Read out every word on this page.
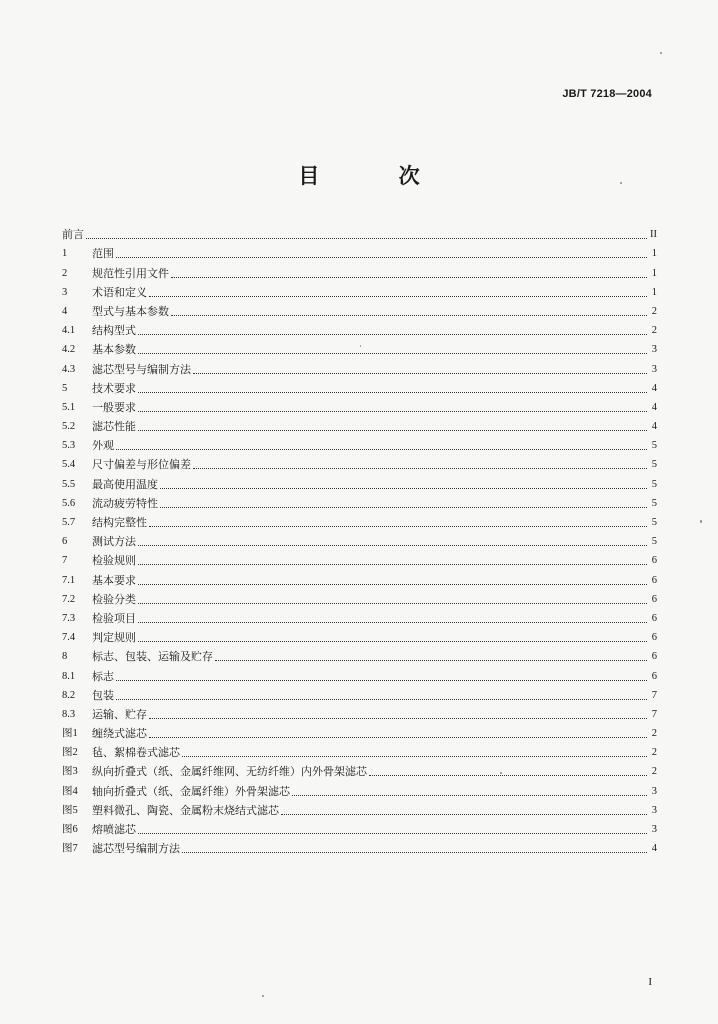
JB/T 7218—2004
目 次
前言	II
1	范围	1
2	规范性引用文件	1
3	术语和定义	1
4	型式与基本参数	2
4.1	结构型式	2
4.2	基本参数	3
4.3	滤芯型号与编制方法	3
5	技术要求	4
5.1	一般要求	4
5.2	滤芯性能	4
5.3	外观	5
5.4	尺寸偏差与形位偏差	5
5.5	最高使用温度	5
5.6	流动疲劳特性	5
5.7	结构完整性	5
6	测试方法	5
7	检验规则	6
7.1	基本要求	6
7.2	检验分类	6
7.3	检验项目	6
7.4	判定规则	6
8	标志、包装、运输及贮存	6
8.1	标志	6
8.2	包装	7
8.3	运输、贮存	7
图1	缠绕式滤芯	2
图2	毡、絮棉卷式滤芯	2
图3	纵向折叠式（纸、金属纤维网、无纺纤维）内外骨架滤芯	2
图4	轴向折叠式（纸、金属纤维）外骨架滤芯	3
图5	塑料微孔、陶瓷、金属粉末烧结式滤芯	3
图6	熔喷滤芯	3
图7	滤芯型号编制方法	4
I
